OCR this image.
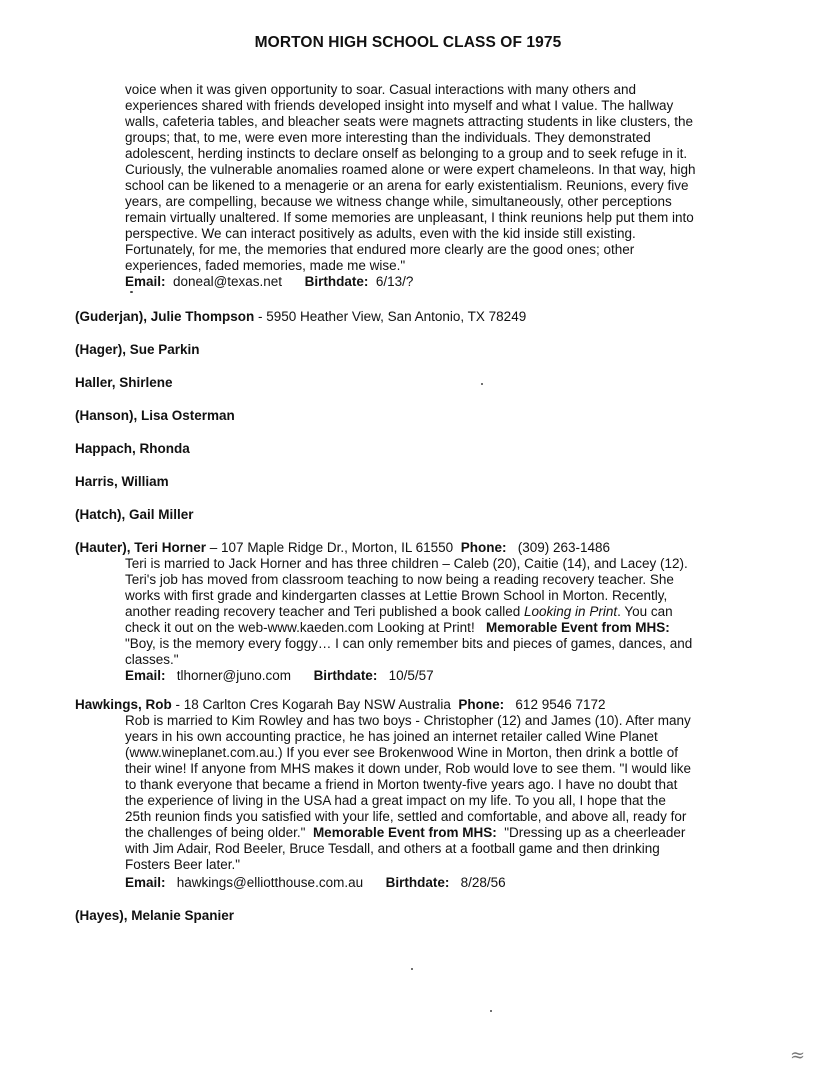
MORTON HIGH SCHOOL CLASS OF 1975
voice when it was given opportunity to soar. Casual interactions with many others and
experiences shared with friends developed insight into myself and what I value. The hallway
walls, cafeteria tables, and bleacher seats were magnets attracting students in like clusters, the
groups; that, to me, were even more interesting than the individuals. They demonstrated
adolescent, herding instincts to declare onself as belonging to a group and to seek refuge in it.
Curiously, the vulnerable anomalies roamed alone or were expert chameleons. In that way, high
school can be likened to a menagerie or an arena for early existentialism. Reunions, every five
years, are compelling, because we witness change while, simultaneously, other perceptions
remain virtually unaltered. If some memories are unpleasant, I think reunions help put them into
perspective. We can interact positively as adults, even with the kid inside still existing.
Fortunately, for me, the memories that endured more clearly are the good ones; other
experiences, faded memories, made me wise."
Email: doneal@texas.net Birthdate: 6/13/?
(Guderjan), Julie Thompson - 5950 Heather View, San Antonio, TX 78249
(Hager), Sue Parkin
Haller, Shirlene
(Hanson), Lisa Osterman
Happach, Rhonda
Harris, William
(Hatch), Gail Miller
(Hauter), Teri Horner – 107 Maple Ridge Dr., Morton, IL 61550 Phone: (309) 263-1486
Teri is married to Jack Horner and has three children – Caleb (20), Caitie (14), and Lacey (12).
Teri's job has moved from classroom teaching to now being a reading recovery teacher. She
works with first grade and kindergarten classes at Lettie Brown School in Morton. Recently,
another reading recovery teacher and Teri published a book called Looking in Print. You can
check it out on the web-www.kaeden.com Looking at Print!   Memorable Event from MHS:
"Boy, is the memory every foggy… I can only remember bits and pieces of games, dances, and
classes."
Email: tlhorner@juno.com Birthdate: 10/5/57
Hawkings, Rob - 18 Carlton Cres Kogarah Bay NSW Australia Phone: 612 9546 7172
Rob is married to Kim Rowley and has two boys - Christopher (12) and James (10). After many
years in his own accounting practice, he has joined an internet retailer called Wine Planet
(www.wineplanet.com.au.) If you ever see Brokenwood Wine in Morton, then drink a bottle of
their wine! If anyone from MHS makes it down under, Rob would love to see them. "I would like
to thank everyone that became a friend in Morton twenty-five years ago. I have no doubt that
the experience of living in the USA had a great impact on my life. To you all, I hope that the
25th reunion finds you satisfied with your life, settled and comfortable, and above all, ready for
the challenges of being older."  Memorable Event from MHS:  "Dressing up as a cheerleader
with Jim Adair, Rod Beeler, Bruce Tesdall, and others at a football game and then drinking
Fosters Beer later."
Email: hawkings@elliotthouse.com.au Birthdate: 8/28/56
(Hayes), Melanie Spanier
≈
